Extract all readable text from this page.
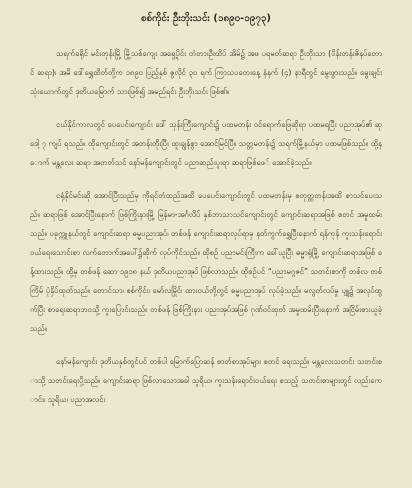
စစ်ကိုင်း ဦးဘိုးသင်း (၁၈၉၀-၁၉၇၃)
သရက်ခရိုင် မင်းတုန်းမြို့ မြို့သစ်ကျေး အရှေ့ပိုင်း တံတားဦးထိပ် အိမ်၌ အဖ ပရမတ်ဆရာ ဦးဘိုးသာ (ပိန်းတန်းဇိနပ်တောင် ဆရာ)၊ အမိ ဒေါ်ရွှေထိတ်တို့က ၁၈၉၀ ပြည့်နှစ် ဇွလိုင် ၃၀ ရက် ကြာသပတေးနေ့ နံနက် (၄) နာရီတွင် မွေးဖွားသည်။ မွေးချင်း သုံးယောက်တွင် ဒုတိယမြောက် သားဖြစ်၍ အမည်ရင်း ဦးဘိုးသင်း ဖြစ်၏။
ငယ်နိုင်ကာလတွင် ပေပေင်းကျောင်း ဒေါ် သုန်းကြီးကျောင်း၌ ပထမတန်း ဝင်ရောက်ဖြေဆိုရာ ပထမရပြီး ပညာအုပ်၏ ဆုဒေါ့ ၇ ကျပ် ရသည်။ ထိုကျောင်းတွင် အတန်းတိုးပြီး ထူးချွန်စွာ အောင်မြင်ပြီ။ သတ္တမတန်း၌ သရက်မြို့နယ်မှာ ပထမဖြစ်သည်။ ထို့နောက် မန္တလေး ဆရာ အတတ်သင် နော်မန်ကျောင်းတွင် ပညာဆည်းပူးရာ ဆရာဖြစ်ဖေ် အောင်ခဲ့သည်။
ငရုံနိုင်မင်းဆို အောင်ပြီးသည်မှ ကိုရင်တံထည်အထိ ပေပေင်းကျောင်းတွင် ပထမတန်းမှ စတုတ္ထတန်းအထိ စာသင်ပေးသည်။ ဆရာဖြစ် အောင်ပြီးနောက် ဖြစ်ကြိုးနားမြို့ မြန်မာ-အင်္ဂလိပ် နှစ်ဘာသာသင်ကျောင်းတွင် ကျောင်းဆရာအဖြစ် စတင် အမှုထမ်းသည်။ ပခုက္ကူနယ်တွင် ကျောင်းဆရာ ဓမ္မပညာအုပ်၊ တစ်ဖန် ကျောင်းဆရာလုပ်ရာမှ နတ်ကွက်ရွှေပြီးနောက် ရန်ကုန် ကူးသန်းရောင်းဝယ်ရေးသောင်းစာ လက်တောက်အပေါ်၌ဆိုက် လုပ်ကိုင်သည်။ ထိုစဉ် ပညာမင်းကြီးက ခေါ်ယူပြီး ဓမ္မာရုံမြို့ ကျောင်းဆရာအဖြစ် ခန့်ထားသည်။ ထို့မှ တစ်ဖန် ဆော ၁၉၁၈ နယ် ဒုတိယပညာအုပ် ဖြစ်လာသည်။ ထိုစဉ်ပင် “ပညာမဂ္ဂဇင်” သတင်းစာကို တစ်လ တစ်ကြိမ် ပုံနှိပ်ထုတ်သည်။ တောင်သာ၊ စစ်ကိုင်း၊ မော်လမြိုင်၊ ထားဝယ်တို့တွင် ဓမ္မပညာအုပ် လုပ်ခဲ့သည်။ မလွတ်လပ်မှု ပျူ၌ အလုပ်ထွက်ပြီး စာရေးဆရာဘဝသို့ ကူးပြောင်းသည်။ တစ်ဖန် ဖြစ်ကြိုးနား ပညာအုပ်အဖြစ် ဂုဏ်ဝင်ထုတ် အမှုထမ်းပြီးနောက် အငြိမ်းစားယူခဲ့သည်။
နော်မန်ကျောင်း ဒုတိယနှစ်တွင်ပင် တစ်ပါ မြောက်ပြောဆန် စာတ်စာအုပ်များ စတင် ရေးသည်။ မန္တလေးသတင်း သတင်းစာသို့ သတင်းရေးပို့သည်။ ကျောင်းဆရာ ဖြစ်လာသောအခါ သူရိယ၊ ကူးသန်းရောင်းဝယ်ရေး စသည့် သတင်းစာများတွင် လည်းကောင်း၊ သူရိယ၊ ပညာအလင်း
